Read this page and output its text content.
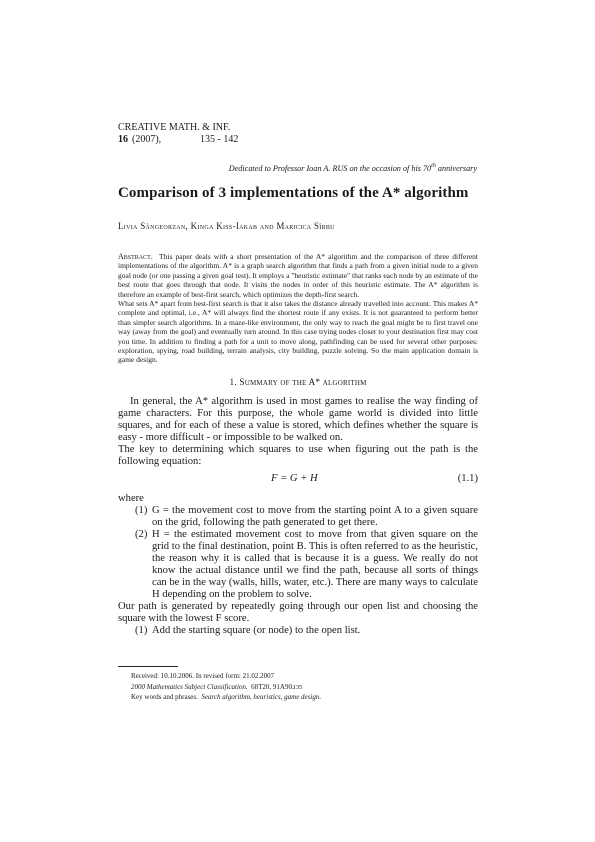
CREATIVE MATH. & INF.
16 (2007),	135 - 142
Dedicated to Professor Ioan A. RUS on the occasion of his 70th anniversary
Comparison of 3 implementations of the A* algorithm
Livia Sângeorzan, Kinga Kiss-Iakab and Maricica Sîrbu

Abstract. This paper deals with a short presentation of the A* algorithm and the comparison of three different implementations of the algorithm. A* is a graph search algorithm that finds a path from a given initial node to a given goal node (or one passing a given goal test). It employs a "heuristic estimate" that ranks each node by an estimate of the best route that goes through that node. It visits the nodes in order of this heuristic estimate. The A* algorithm is therefore an example of best-first search, which optimizes the depth-first search.

What sets A* apart from best-first search is that it also takes the distance already travelled into account. This makes A* complete and optimal, i.e., A* will always find the shortest route if any exists. It is not guaranteed to perform better than simpler search algorithms. In a maze-like environment, the only way to reach the goal might be to first travel one way (away from the goal) and eventually turn around. In this case trying nodes closer to your destination first may cost you time. In addition to finding a path for a unit to move along, pathfinding can be used for several other purposes: exploration, spying, road building, terrain analysis, city building, puzzle solving. So the main application domain is game design.

1. Summary of the A* algorithm

In general, the A* algorithm is used in most games to realise the way finding of game characters. For this purpose, the whole game world is divided into little squares, and for each of these a value is stored, which defines whether the square is easy - more difficult - or impossible to be walked on.

The key to determining which squares to use when figuring out the path is the following equation:

F = G + H	(1.1)

where

(1) G = the movement cost to move from the starting point A to a given square on the grid, following the path generated to get there.
(2) H = the estimated movement cost to move from that given square on the grid to the final destination, point B. This is often referred to as the heuristic, the reason why it is called that is because it is a guess. We really do not know the actual distance until we find the path, because all sorts of things can be in the way (walls, hills, water, etc.). There are many ways to calculate H depending on the problem to solve.

Our path is generated by repeatedly going through our open list and choosing the square with the lowest F score.

(1) Add the starting square (or node) to the open list.
Received: 10.10.2006. In revised form: 21.02.2007
2000 Mathematics Subject Classification. 68T20, 91A90.
Key words and phrases. Search algorithm, heuristics, game design.
135
